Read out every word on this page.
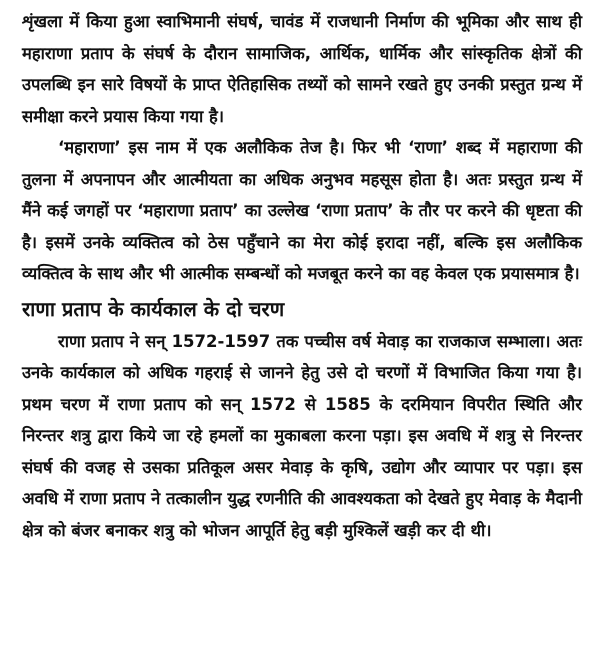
शृंखला में किया हुआ स्वाभिमानी संघर्ष, चावंड में राजधानी निर्माण की भूमिका और साथ ही महाराणा प्रताप के संघर्ष के दौरान सामाजिक, आर्थिक, धार्मिक और सांस्कृतिक क्षेत्रों की उपलब्धि इन सारे विषयों के प्राप्त ऐतिहासिक तथ्यों को सामने रखते हुए उनकी प्रस्तुत ग्रन्थ में समीक्षा करने प्रयास किया गया है।

‘महाराणा’ इस नाम में एक अलौकिक तेज है। फिर भी ‘राणा’ शब्द में महाराणा की तुलना में अपनापन और आत्मीयता का अधिक अनुभव महसूस होता है। अतः प्रस्तुत ग्रन्थ में मैंने कई जगहों पर ‘महाराणा प्रताप’ का उल्लेख ‘राणा प्रताप’ के तौर पर करने की धृष्टता की है। इसमें उनके व्यक्तित्व को ठेस पहुँचाने का मेरा कोई इरादा नहीं, बल्कि इस अलौकिक व्यक्तित्व के साथ और भी आत्मीक सम्बन्धों को मजबूत करने का वह केवल एक प्रयासमात्र है।

राणा प्रताप के कार्यकाल के दो चरण

राणा प्रताप ने सन् 1572-1597 तक पच्चीस वर्ष मेवाड़ का राजकाज सम्भाला। अतः उनके कार्यकाल को अधिक गहराई से जानने हेतु उसे दो चरणों में विभाजित किया गया है। प्रथम चरण में राणा प्रताप को सन् 1572 से 1585 के दरमियान विपरीत स्थिति और निरन्तर शत्रु द्वारा किये जा रहे हमलों का मुकाबला करना पड़ा। इस अवधि में शत्रु से निरन्तर संघर्ष की वजह से उसका प्रतिकूल असर मेवाड़ के कृषि, उद्योग और व्यापार पर पड़ा। इस अवधि में राणा प्रताप ने तत्कालीन युद्ध रणनीति की आवश्यकता को देखते हुए मेवाड़ के मैदानी क्षेत्र को बंजर बनाकर शत्रु को भोजन आपूर्ति हेतु बड़ी मुश्किलें खड़ी कर दी थी।
